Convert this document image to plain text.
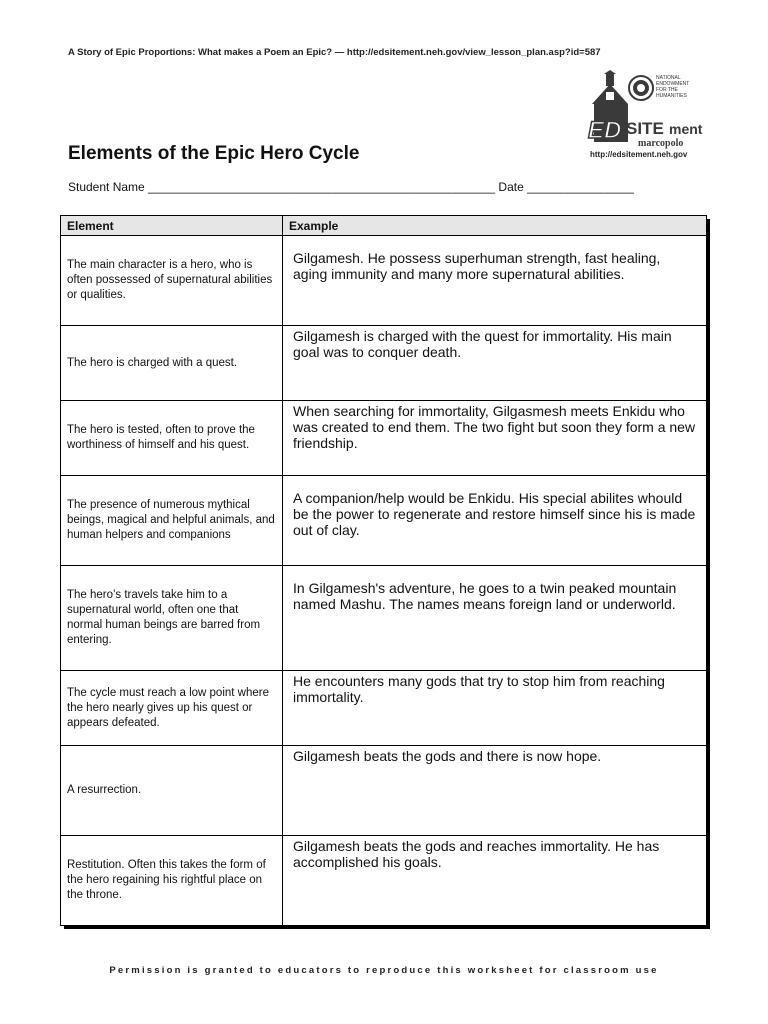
A Story of Epic Proportions: What makes a Poem an Epic? — http://edsitement.neh.gov/view_lesson_plan.asp?id=587
NATIONAL
ENDOWMENT
FOR THE
HUMANITIES
ED SITE ment
marcopolo
http://edsitement.neh.gov
Elements of the Epic Hero Cycle
Student Name ____________________________________________________ Date ________________
Element	Example
The main character is a hero, who is often possessed of supernatural abilities or qualities.	Gilgamesh. He possess superhuman strength, fast healing, aging immunity and many more supernatural abilities.
The hero is charged with a quest.	Gilgamesh is charged with the quest for immortality. His main goal was to conquer death.
The hero is tested, often to prove the worthiness of himself and his quest.	When searching for immortality, Gilgasmesh meets Enkidu who was created to end them. The two fight but soon they form a new friendship.
The presence of numerous mythical beings, magical and helpful animals, and human helpers and companions	A companion/help would be Enkidu. His special abilites whould be the power to regenerate and restore himself since his is made out of clay.
The hero’s travels take him to a supernatural world, often one that normal human beings are barred from entering.	In Gilgamesh's adventure, he goes to a twin peaked mountain named Mashu. The names means foreign land or underworld.
The cycle must reach a low point where the hero nearly gives up his quest or appears defeated.	He encounters many gods that try to stop him from reaching immortality.
A resurrection.	Gilgamesh beats the gods and there is now hope.
Restitution. Often this takes the form of the hero regaining his rightful place on the throne.	Gilgamesh beats the gods and reaches immortality. He has accomplished his goals.
Permission is granted to educators to reproduce this worksheet for classroom use
